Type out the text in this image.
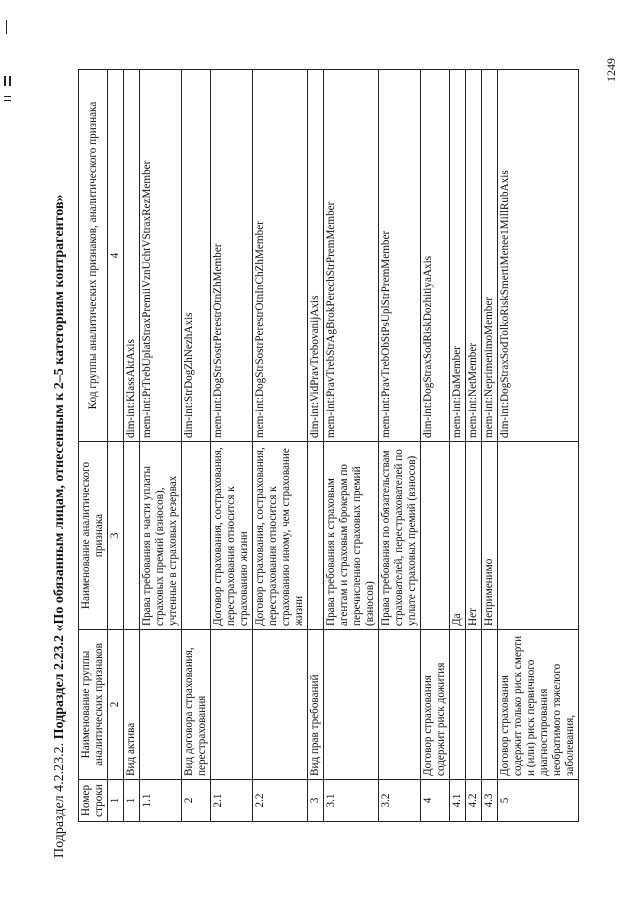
1249
Подраздел 4.2.23.2. Подраздел 2.23.2 «По обязанным лицам, отнесенным к 2–5 категориям контрагентов»
Номер строки	Наименование группы аналитических признаков	Наименование аналитического признака	Код группы аналитических признаков, аналитического признака
1	2	3	4
1	Вид актива		dim-int:KlassAktAxis
1.1		Права требования в части уплаты страховых премий (взносов), учтенные в страховых резервах	mem-int:PrTrebUplatStraxPremiiVznUchtVStraxRezMember
2	Вид договора страхования, перестрахования		dim-int:StrDogZhNezhAxis
2.1		Договор страхования, сострахования, перестрахования относится к страхованию жизни	mem-int:DogStrSostrPerestrOtnZhMember
2.2		Договор страхования, сострахования, перестрахования относится к страхованию иному, чем страхование жизни	mem-int:DogStrSostrPerestrOtnInChZhMember
3	Вид прав требований		dim-int:VidPravTrebovanijAxis
3.1		Права требования к страховым агентам и страховым брокерам по перечислению страховых премий (взносов)	mem-int:PravTrebStrAgBrokPerechStrPremMember
3.2		Права требования по обязательствам страхователей, перестрахователей по уплате страховых премий (взносов)	mem-int:PravTrebObStPsUplStrPremMember
4	Договор страхования содержит риск дожития		dim-int:DogStraxSodRiskDozhitiyaAxis
4.1		Да	mem-int:DaMember
4.2		Нет	mem-int:NetMember
4.3		Неприменимо	mem-int:NeprimenimoMember
5	Договор страхования содержит только риск смерти и (или) риск первичного диагностирования необратимого тяжелого заболевания,		dim-int:DogStraxSodTolkoRiskSmertiMenee1MillRubAxis
